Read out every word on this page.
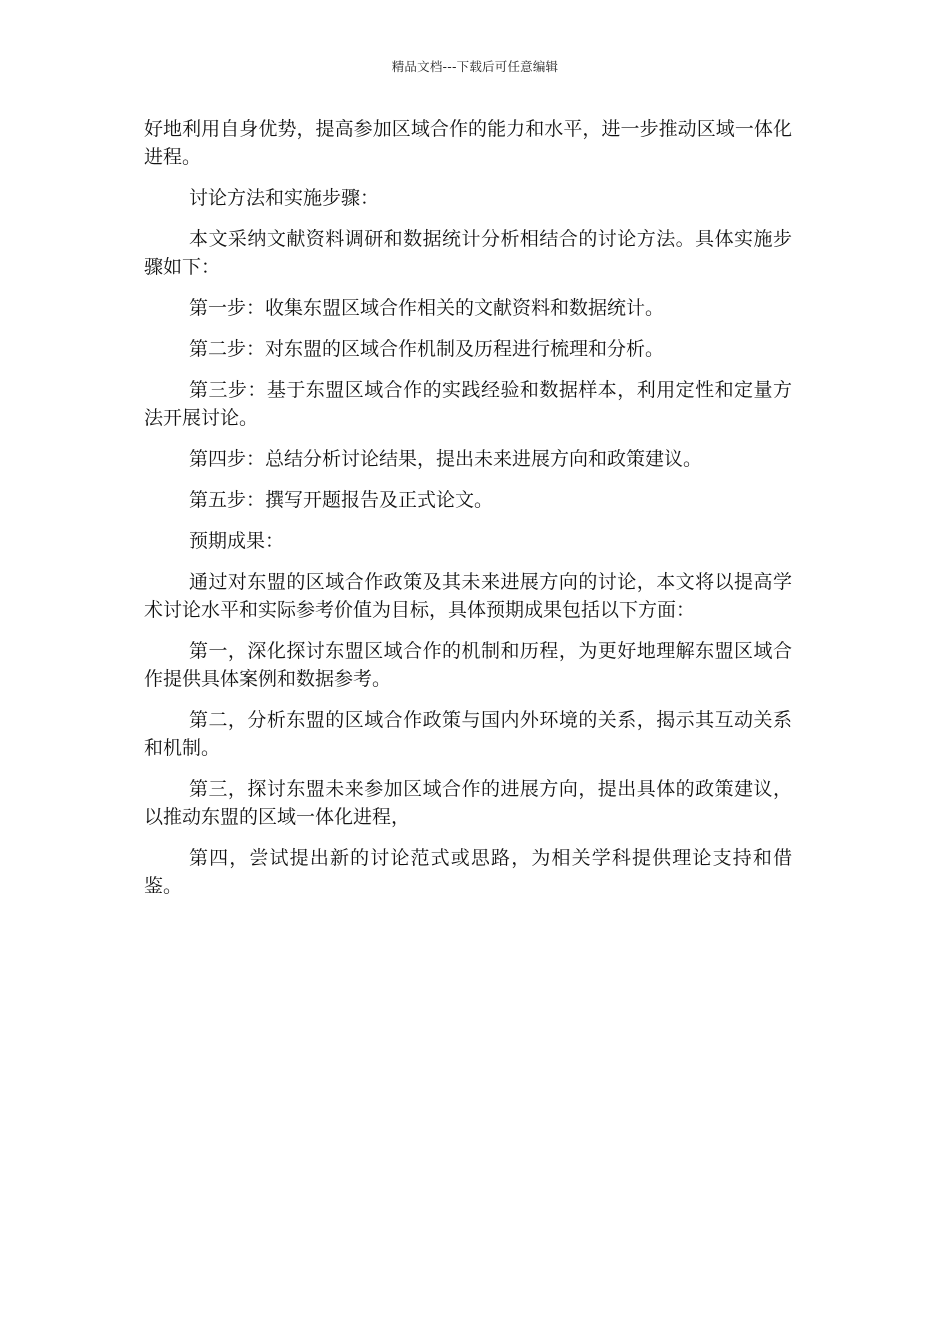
精品文档---下载后可任意编辑

好地利用自身优势，提高参加区域合作的能力和水平，进一步推动区域一体化进程。

讨论方法和实施步骤：

本文采纳文献资料调研和数据统计分析相结合的讨论方法。具体实施步骤如下：

第一步：收集东盟区域合作相关的文献资料和数据统计。

第二步：对东盟的区域合作机制及历程进行梳理和分析。

第三步：基于东盟区域合作的实践经验和数据样本，利用定性和定量方法开展讨论。

第四步：总结分析讨论结果，提出未来进展方向和政策建议。

第五步：撰写开题报告及正式论文。

预期成果：

通过对东盟的区域合作政策及其未来进展方向的讨论，本文将以提高学术讨论水平和实际参考价值为目标，具体预期成果包括以下方面：

第一，深化探讨东盟区域合作的机制和历程，为更好地理解东盟区域合作提供具体案例和数据参考。

第二，分析东盟的区域合作政策与国内外环境的关系，揭示其互动关系和机制。

第三，探讨东盟未来参加区域合作的进展方向，提出具体的政策建议，以推动东盟的区域一体化进程，

第四，尝试提出新的讨论范式或思路，为相关学科提供理论支持和借鉴。
